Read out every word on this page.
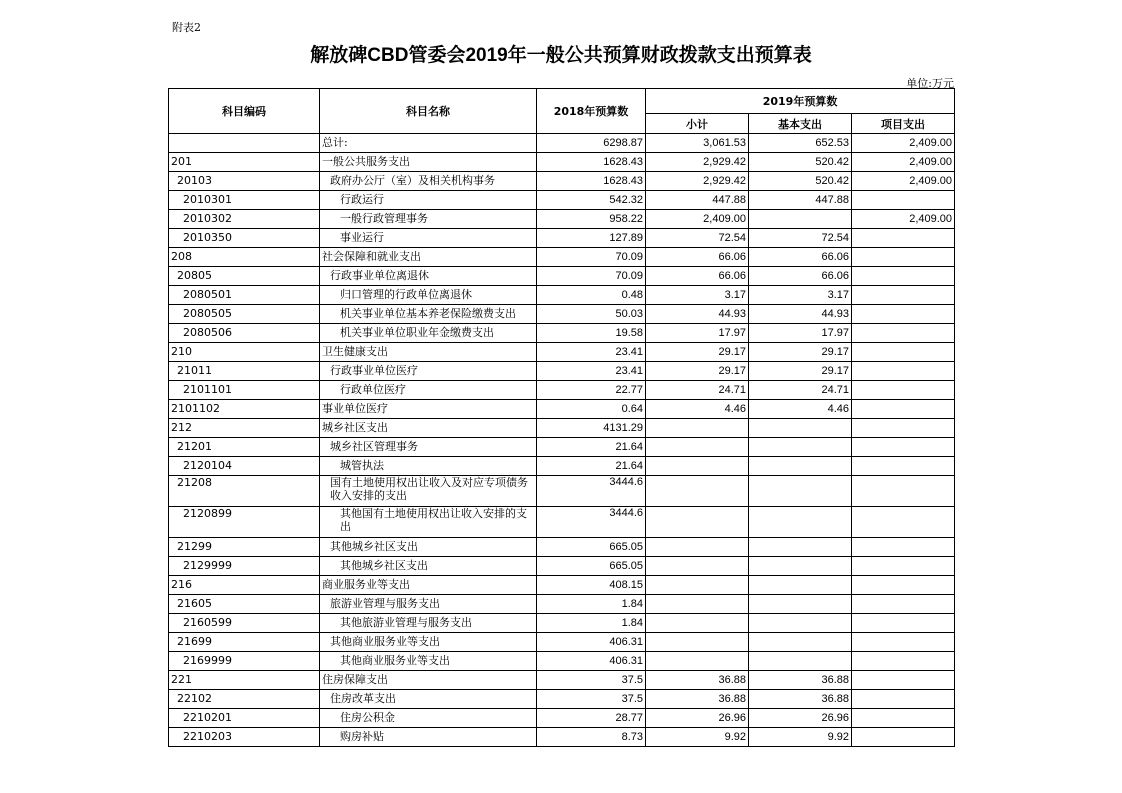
附表2
解放碑CBD管委会2019年一般公共预算财政拨款支出预算表
单位:万元
科目编码	科目名称	2018年预算数	2019年预算数		
			小计	基本支出	项目支出
	总计:	6298.87	3,061.53	652.53	2,409.00
201	一般公共服务支出	1628.43	2,929.42	520.42	2,409.00
20103	政府办公厅（室）及相关机构事务	1628.43	2,929.42	520.42	2,409.00
2010301	行政运行	542.32	447.88	447.88	
2010302	一般行政管理事务	958.22	2,409.00		2,409.00
2010350	事业运行	127.89	72.54	72.54	
208	社会保障和就业支出	70.09	66.06	66.06	
20805	行政事业单位离退休	70.09	66.06	66.06	
2080501	归口管理的行政单位离退休	0.48	3.17	3.17	
2080505	机关事业单位基本养老保险缴费支出	50.03	44.93	44.93	
2080506	机关事业单位职业年金缴费支出	19.58	17.97	17.97	
210	卫生健康支出	23.41	29.17	29.17	
21011	行政事业单位医疗	23.41	29.17	29.17	
2101101	行政单位医疗	22.77	24.71	24.71	
2101102	事业单位医疗	0.64	4.46	4.46	
212	城乡社区支出	4131.29			
21201	城乡社区管理事务	21.64			
2120104	城管执法	21.64			
21208	国有土地使用权出让收入及对应专项债务收入安排的支出	3444.6			
2120899	其他国有土地使用权出让收入安排的支出	3444.6			
21299	其他城乡社区支出	665.05			
2129999	其他城乡社区支出	665.05			
216	商业服务业等支出	408.15			
21605	旅游业管理与服务支出	1.84			
2160599	其他旅游业管理与服务支出	1.84			
21699	其他商业服务业等支出	406.31			
2169999	其他商业服务业等支出	406.31			
221	住房保障支出	37.5	36.88	36.88	
22102	住房改革支出	37.5	36.88	36.88	
2210201	住房公积金	28.77	26.96	26.96	
2210203	购房补贴	8.73	9.92	9.92	
